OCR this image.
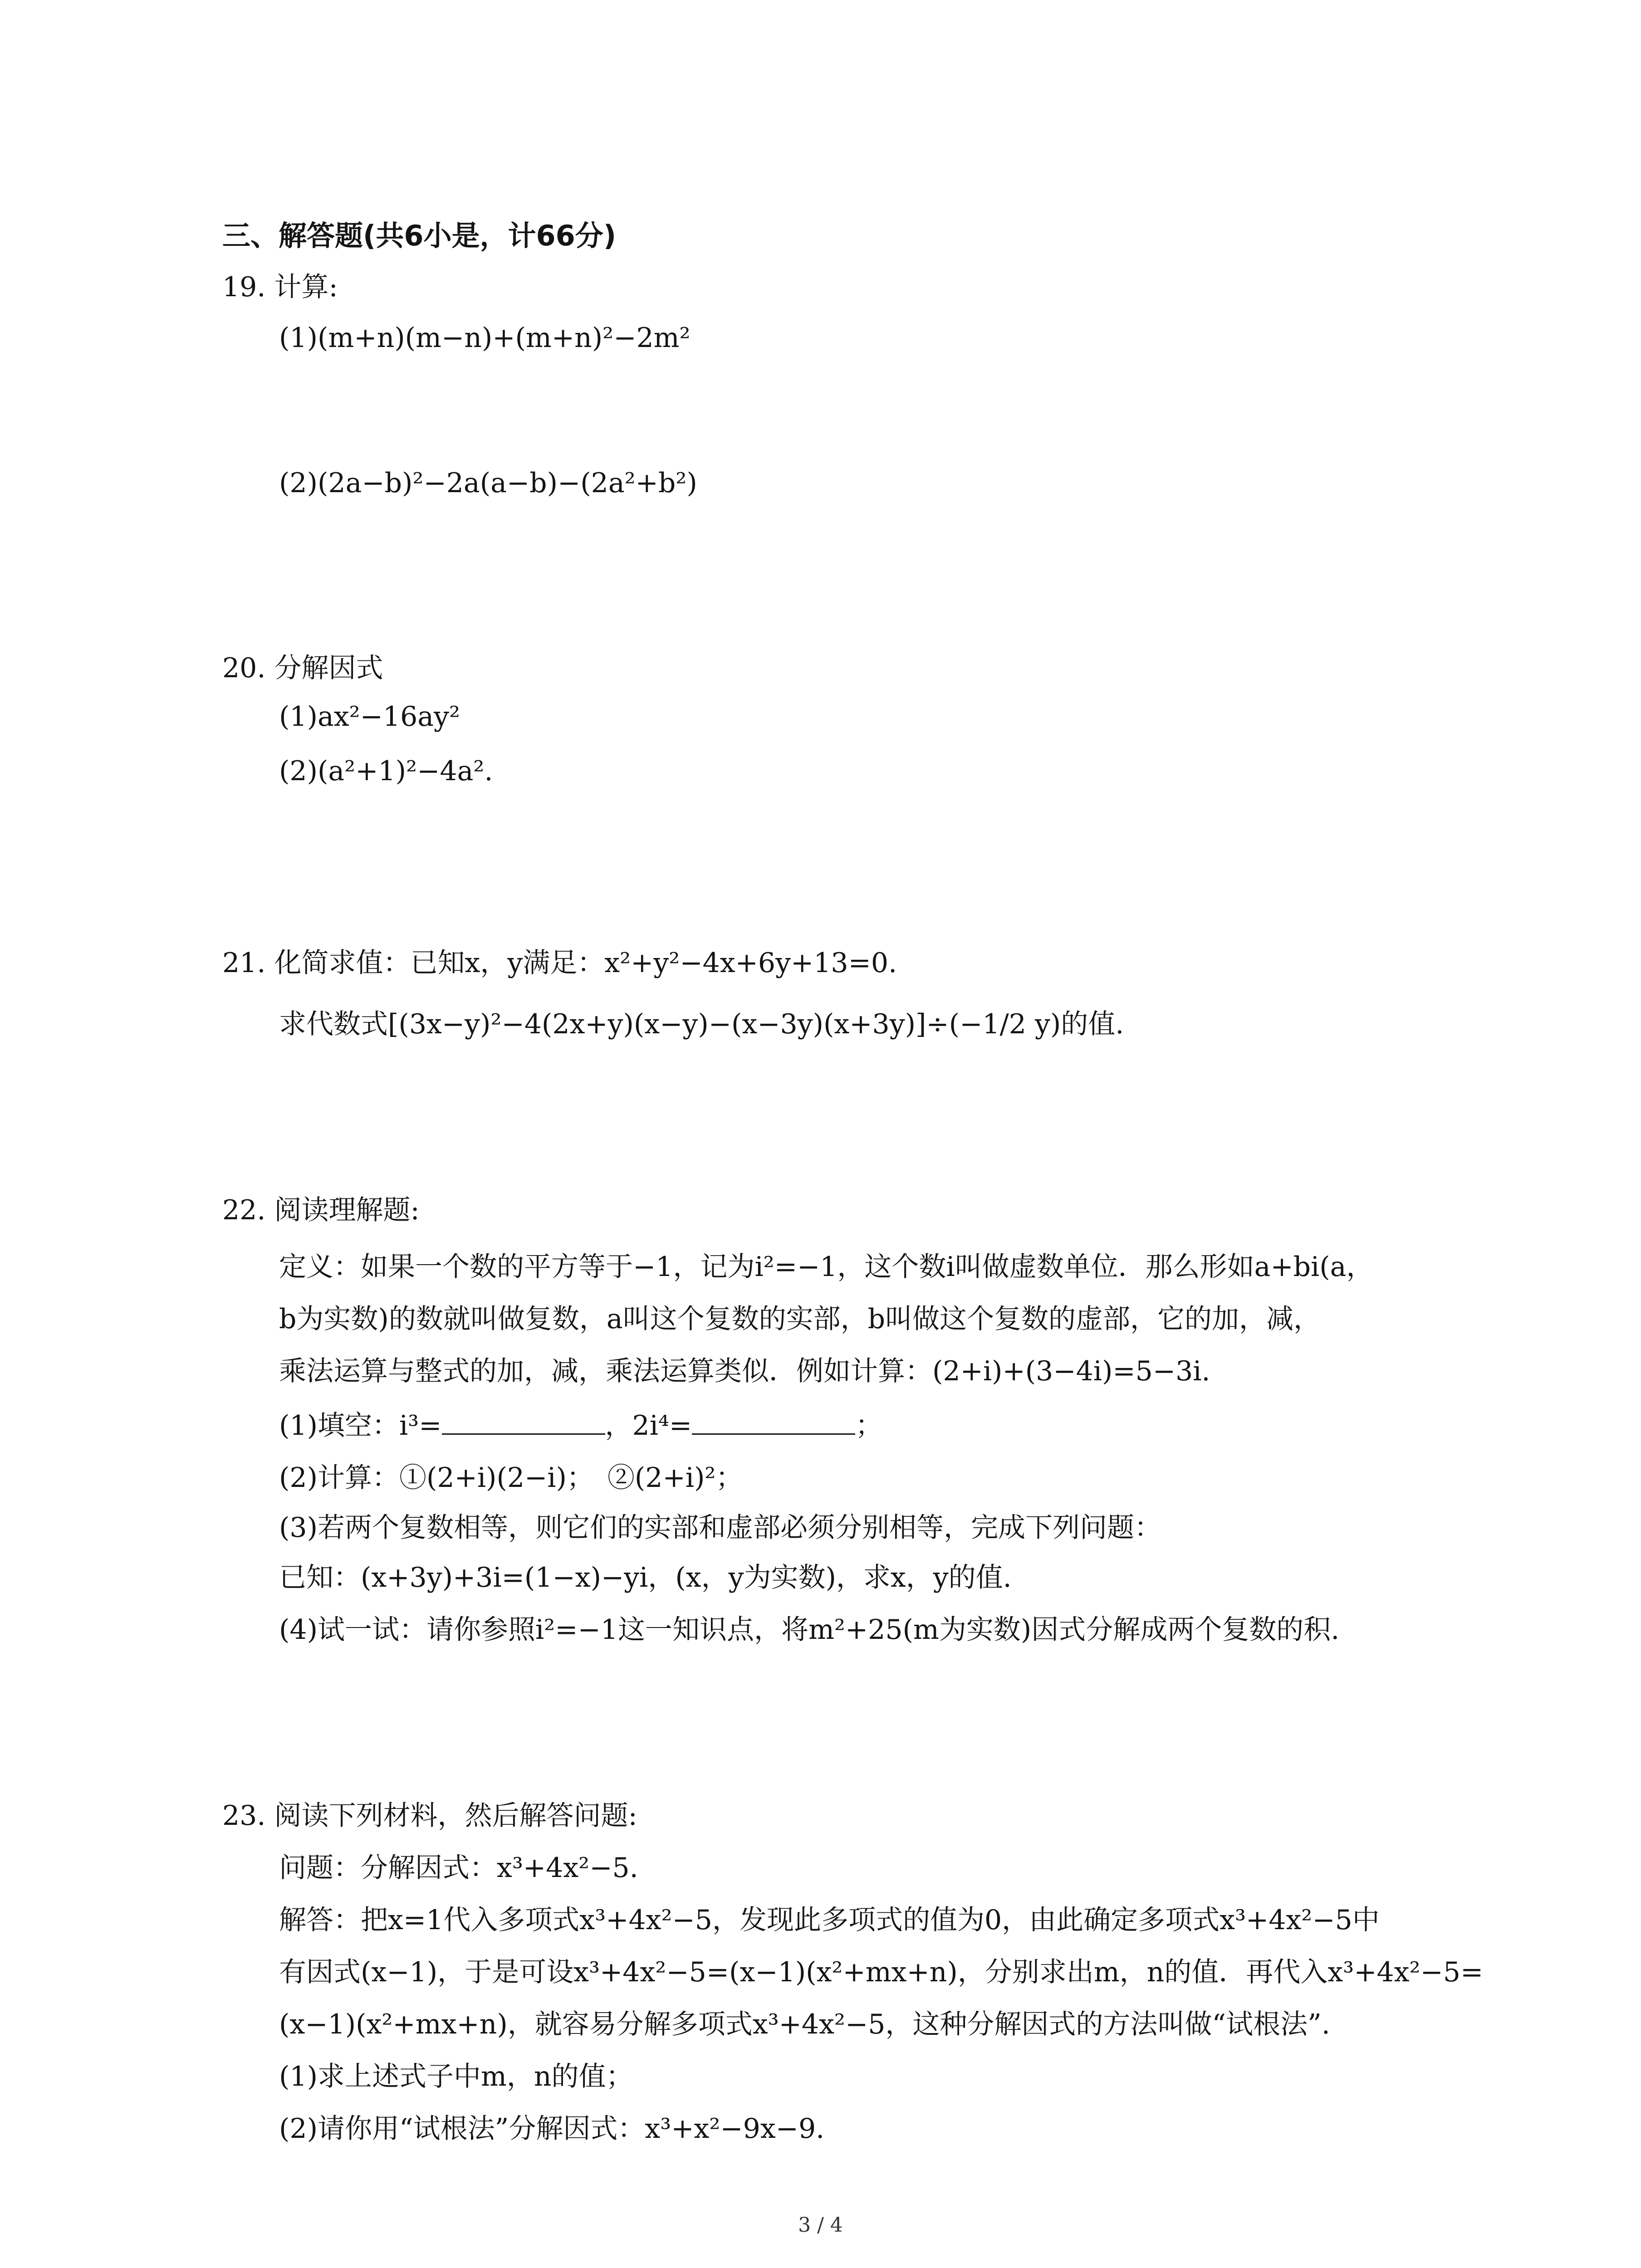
三、解答题(共6小是，计66分)
19. 计算:
(1)(m+n)(m−n)+(m+n)²−2m²
(2)(2a−b)²−2a(a−b)−(2a²+b²)
20. 分解因式
(1)ax²−16ay²
(2)(a²+1)²−4a².
21. 化简求值：已知x，y满足：x²+y²−4x+6y+13=0.
求代数式[(3x−y)²−4(2x+y)(x−y)−(x−3y)(x+3y)]÷(−1/2 y)的值.
22. 阅读理解题:
定义：如果一个数的平方等于−1，记为i²=−1，这个数i叫做虚数单位．那么形如a+bi(a，
b为实数)的数就叫做复数，a叫这个复数的实部，b叫做这个复数的虚部，它的加，减，
乘法运算与整式的加，减，乘法运算类似．例如计算：(2+i)+(3−4i)=5−3i.
(1)填空：i³=	，2i⁴=	；
(2)计算：①(2+i)(2−i)；　②(2+i)²；
(3)若两个复数相等，则它们的实部和虚部必须分别相等，完成下列问题：
已知：(x+3y)+3i=(1−x)−yi，(x，y为实数)，求x，y的值.
(4)试一试：请你参照i²=−1这一知识点，将m²+25(m为实数)因式分解成两个复数的积.
23. 阅读下列材料，然后解答问题:
问题：分解因式：x³+4x²−5.
解答：把x=1代入多项式x³+4x²−5，发现此多项式的值为0，由此确定多项式x³+4x²−5中
有因式(x−1)，于是可设x³+4x²−5=(x−1)(x²+mx+n)，分别求出m，n的值．再代入x³+4x²−5=
(x−1)(x²+mx+n)，就容易分解多项式x³+4x²−5，这种分解因式的方法叫做“试根法”.
(1)求上述式子中m，n的值；
(2)请你用“试根法”分解因式：x³+x²−9x−9.
3 / 4
